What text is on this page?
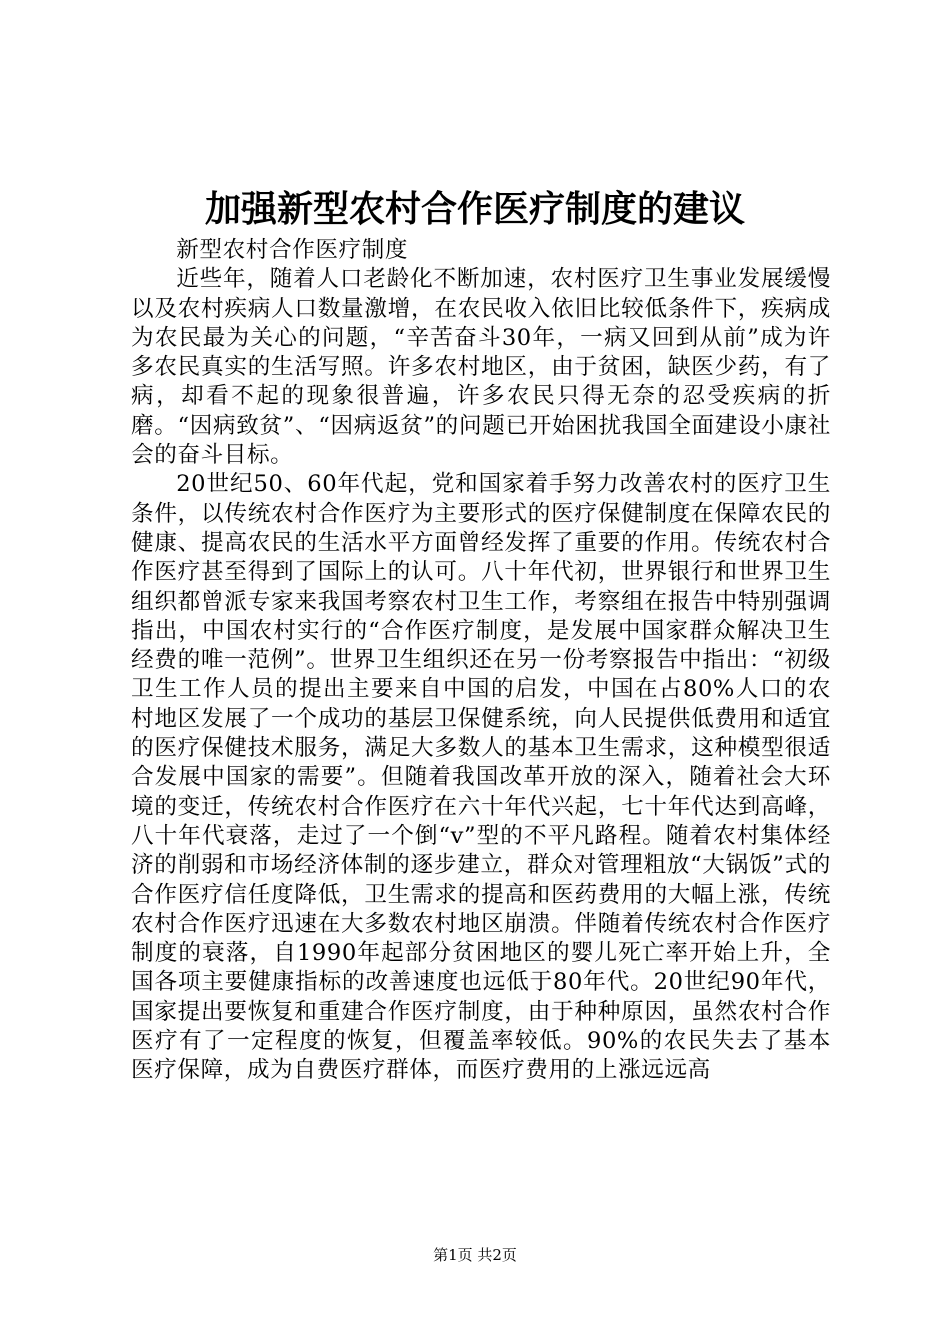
加强新型农村合作医疗制度的建议

新型农村合作医疗制度

近些年，随着人口老龄化不断加速，农村医疗卫生事业发展缓慢以及农村疾病人口数量激增，在农民收入依旧比较低条件下，疾病成为农民最为关心的问题，“辛苦奋斗30年，一病又回到从前”成为许多农民真实的生活写照。许多农村地区，由于贫困，缺医少药，有了病，却看不起的现象很普遍，许多农民只得无奈的忍受疾病的折磨。“因病致贫”、“因病返贫”的问题已开始困扰我国全面建设小康社会的奋斗目标。

20世纪50、60年代起，党和国家着手努力改善农村的医疗卫生条件，以传统农村合作医疗为主要形式的医疗保健制度在保障农民的健康、提高农民的生活水平方面曾经发挥了重要的作用。传统农村合作医疗甚至得到了国际上的认可。八十年代初，世界银行和世界卫生组织都曾派专家来我国考察农村卫生工作，考察组在报告中特别强调指出，中国农村实行的“合作医疗制度，是发展中国家群众解决卫生经费的唯一范例”。世界卫生组织还在另一份考察报告中指出：“初级卫生工作人员的提出主要来自中国的启发，中国在占80%人口的农村地区发展了一个成功的基层卫保健系统，向人民提供低费用和适宜的医疗保健技术服务，满足大多数人的基本卫生需求，这种模型很适合发展中国家的需要”。但随着我国改革开放的深入，随着社会大环境的变迁，传统农村合作医疗在六十年代兴起，七十年代达到高峰，八十年代衰落，走过了一个倒“v”型的不平凡路程。随着农村集体经济的削弱和市场经济体制的逐步建立，群众对管理粗放“大锅饭”式的合作医疗信任度降低，卫生需求的提高和医药费用的大幅上涨，传统农村合作医疗迅速在大多数农村地区崩溃。伴随着传统农村合作医疗制度的衰落，自1990年起部分贫困地区的婴儿死亡率开始上升，全国各项主要健康指标的改善速度也远低于80年代。20世纪90年代，国家提出要恢复和重建合作医疗制度，由于种种原因，虽然农村合作医疗有了一定程度的恢复，但覆盖率较低。90%的农民失去了基本医疗保障，成为自费医疗群体，而医疗费用的上涨远远高

第1页 共2页
